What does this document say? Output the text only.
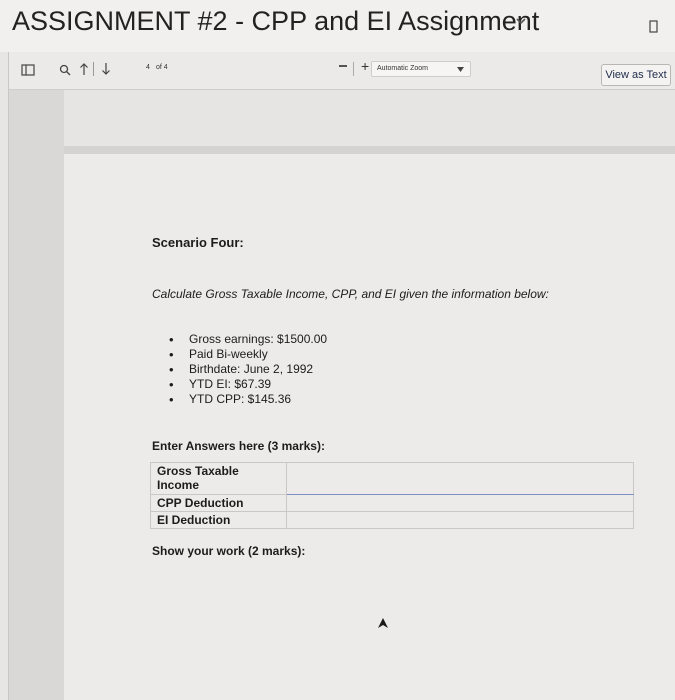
ASSIGNMENT #2 - CPP and EI Assignment
4 of 4	+ Automatic Zoom
View as Text
Scenario Four:
Calculate Gross Taxable Income, CPP, and EI given the information below:
• Gross earnings: $1500.00
• Paid Bi-weekly
• Birthdate: June 2, 1992
• YTD EI: $67.39
• YTD CPP: $145.36
Enter Answers here (3 marks):
Gross Taxable Income	
CPP Deduction	
EI Deduction	
Show your work (2 marks):
